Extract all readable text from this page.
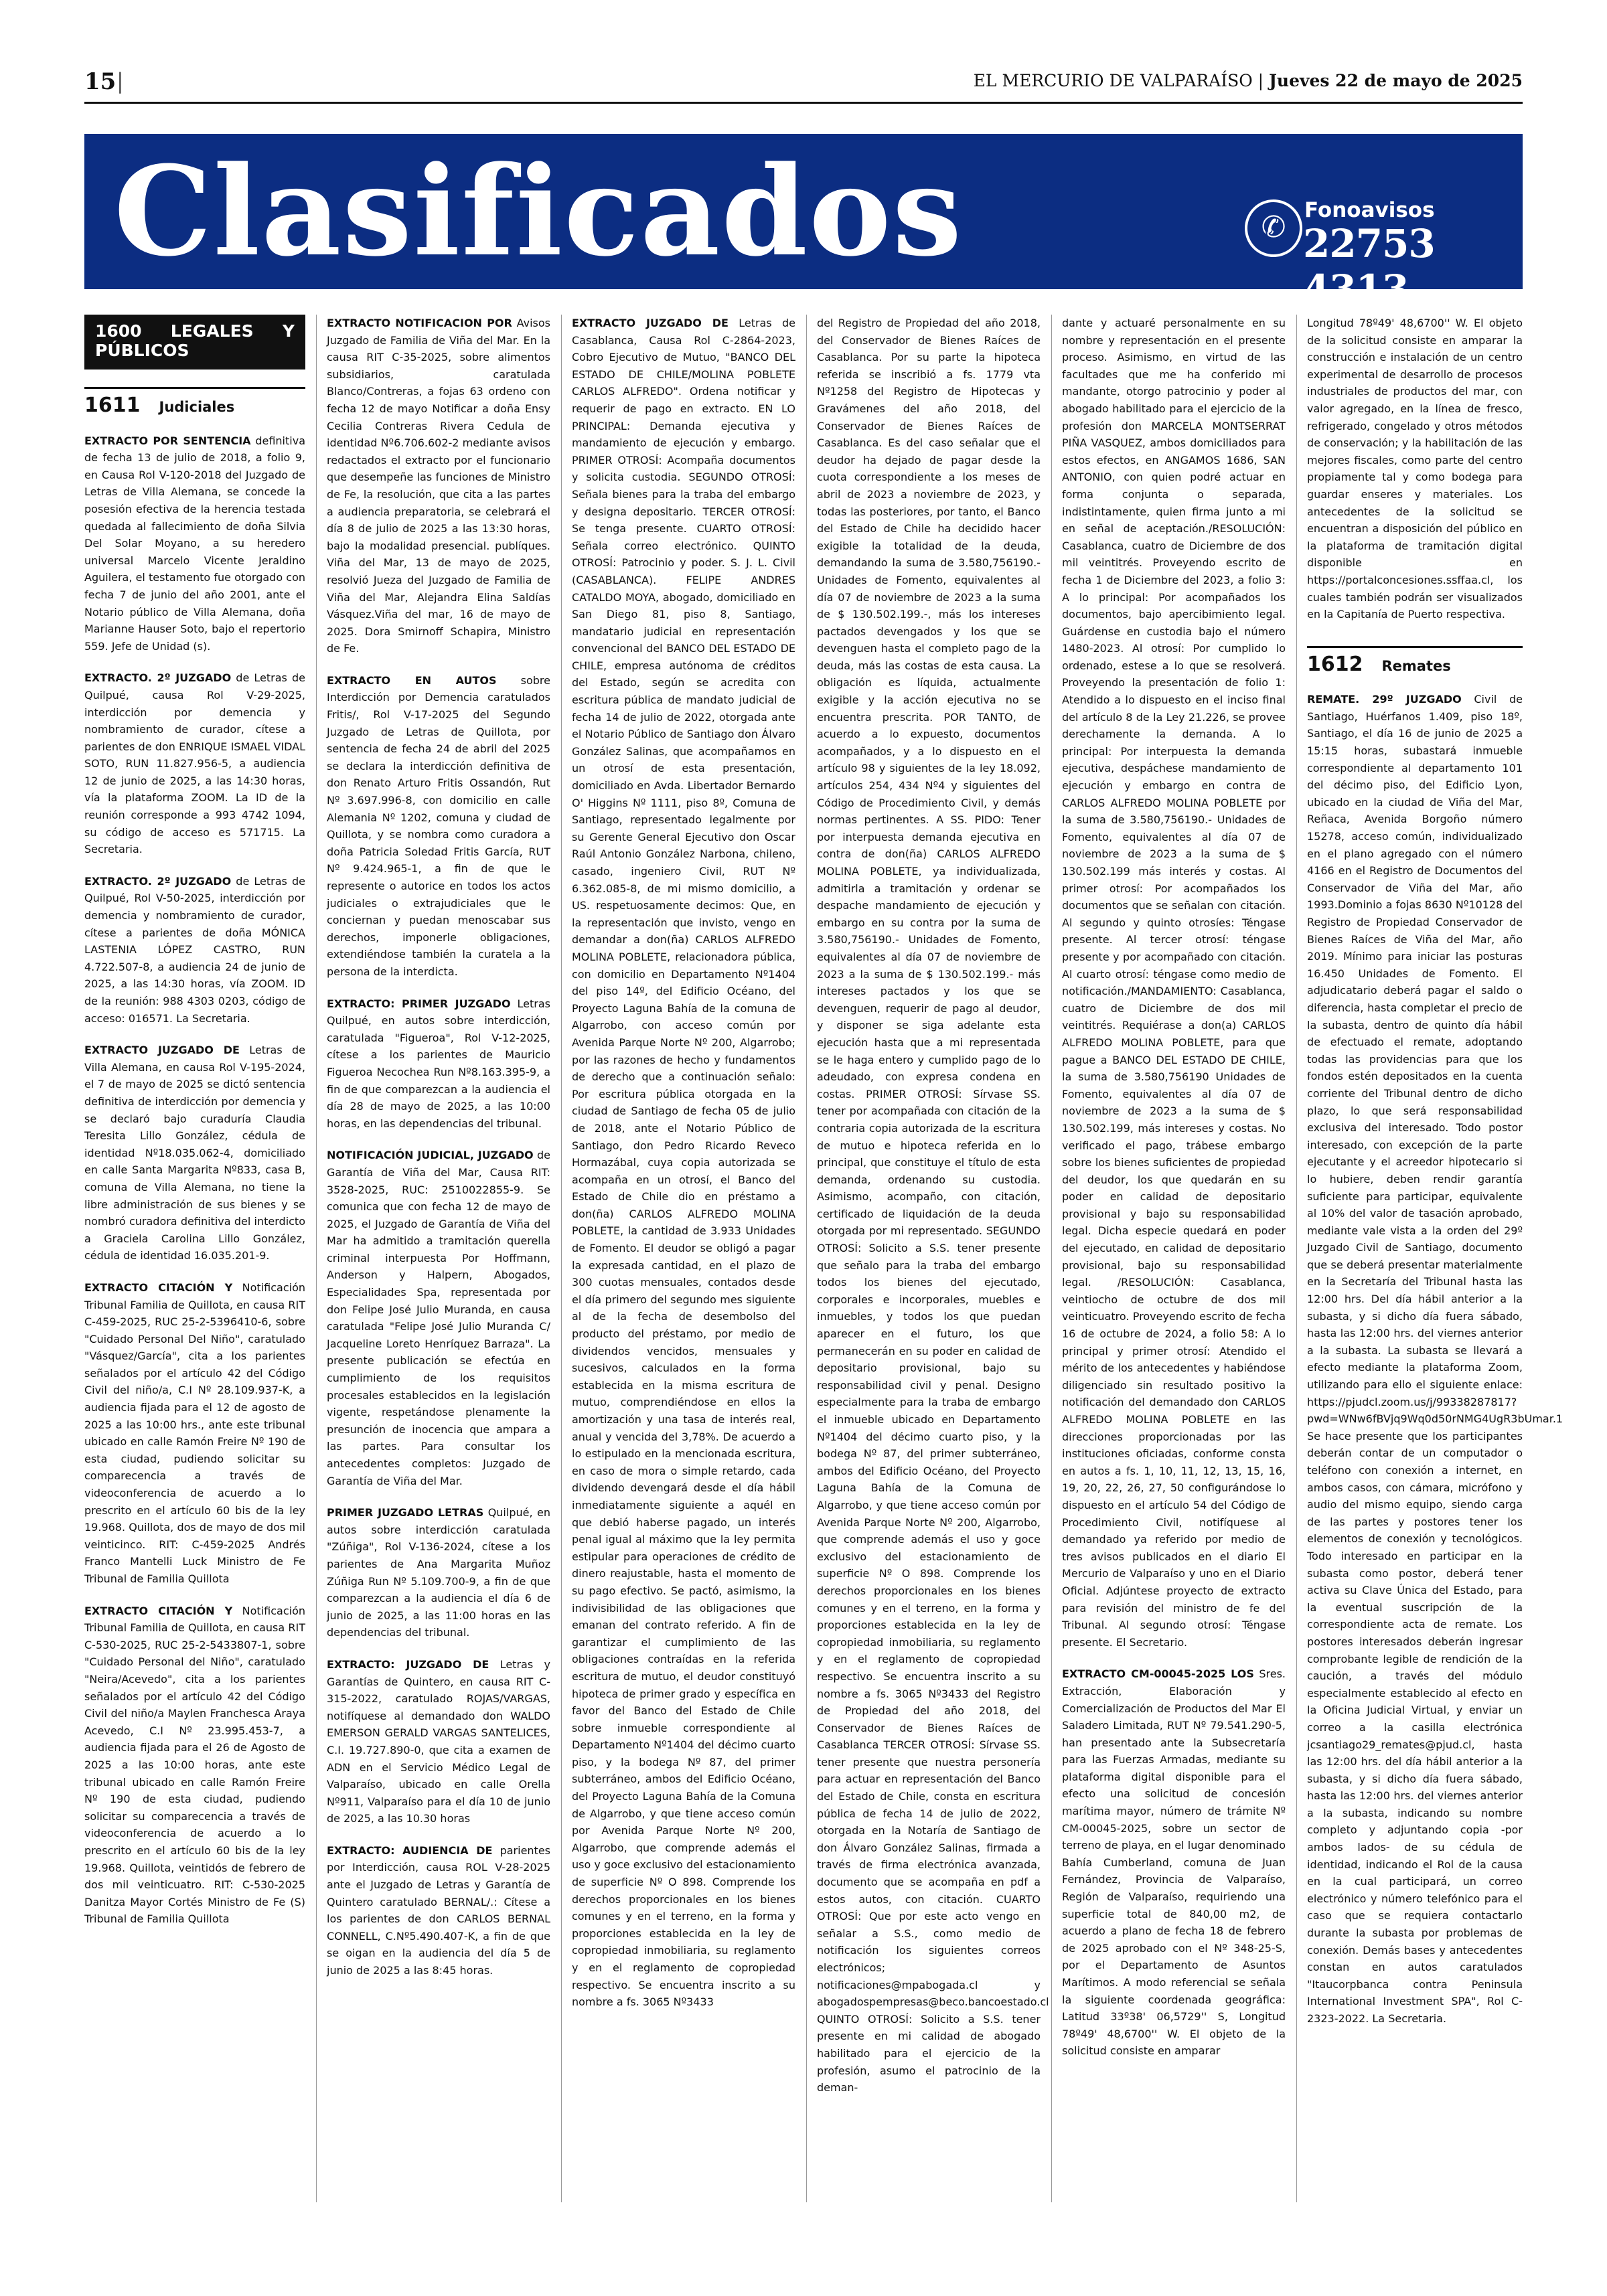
15 |	EL MERCURIO DE VALPARAÍSO | Jueves 22 de mayo de 2025
Clasificados	✆ Fonoavisos
22753 4313
1600 LEGALES Y PÚBLICOS
1611 Judiciales

EXTRACTO POR SENTENCIA definitiva de fecha 13 de julio de 2018, a folio 9, en Causa Rol V-120-2018 del Juzgado de Letras de Villa Alemana, se concede la posesión efectiva de la herencia testada quedada al fallecimiento de doña Silvia Del Solar Moyano, a su heredero universal Marcelo Vicente Jeraldino Aguilera, el testamento fue otorgado con fecha 7 de junio del año 2001, ante el Notario público de Villa Alemana, doña Marianne Hauser Soto, bajo el repertorio 559. Jefe de Unidad (s).

EXTRACTO. 2º JUZGADO de Letras de Quilpué, causa Rol V-29-2025, interdicción por demencia y nombramiento de curador, cítese a parientes de don ENRIQUE ISMAEL VIDAL SOTO, RUN 11.827.956-5, a audiencia 12 de junio de 2025, a las 14:30 horas, vía la plataforma ZOOM. La ID de la reunión corresponde a 993 4742 1094, su código de acceso es 571715. La Secretaria.

EXTRACTO. 2º JUZGADO de Letras de Quilpué, Rol V-50-2025, interdicción por demencia y nombramiento de curador, cítese a parientes de doña MÓNICA LASTENIA LÓPEZ CASTRO, RUN 4.722.507-8, a audiencia 24 de junio de 2025, a las 14:30 horas, vía ZOOM. ID de la reunión: 988 4303 0203, código de acceso: 016571. La Secretaria.

EXTRACTO JUZGADO DE Letras de Villa Alemana, en causa Rol V-195-2024, el 7 de mayo de 2025 se dictó sentencia definitiva de interdicción por demencia y se declaró bajo curaduría Claudia Teresita Lillo González, cédula de identidad Nº18.035.062-4, domiciliado en calle Santa Margarita Nº833, casa B, comuna de Villa Alemana, no tiene la libre administración de sus bienes y se nombró curadora definitiva del interdicto a Graciela Carolina Lillo González, cédula de identidad 16.035.201-9.

EXTRACTO CITACIÓN Y Notificación Tribunal Familia de Quillota, en causa RIT C-459-2025, RUC 25-2-5396410-6, sobre "Cuidado Personal Del Niño", caratulado "Vásquez/García", cita a los parientes señalados por el artículo 42 del Código Civil del niño/a, C.I Nº 28.109.937-K, a audiencia fijada para el 12 de agosto de 2025 a las 10:00 hrs., ante este tribunal ubicado en calle Ramón Freire Nº 190 de esta ciudad, pudiendo solicitar su comparecencia a través de videoconferencia de acuerdo a lo prescrito en el artículo 60 bis de la ley 19.968. Quillota, dos de mayo de dos mil veinticinco. RIT: C-459-2025 Andrés Franco Mantelli Luck Ministro de Fe Tribunal de Familia Quillota

EXTRACTO CITACIÓN Y Notificación Tribunal Familia de Quillota, en causa RIT C-530-2025, RUC 25-2-5433807-1, sobre "Cuidado Personal del Niño", caratulado "Neira/Acevedo", cita a los parientes señalados por el artículo 42 del Código Civil del niño/a Maylen Franchesca Araya Acevedo, C.I Nº 23.995.453-7, a audiencia fijada para el 26 de Agosto de 2025 a las 10:00 horas, ante este tribunal ubicado en calle Ramón Freire Nº 190 de esta ciudad, pudiendo solicitar su comparecencia a través de videoconferencia de acuerdo a lo prescrito en el artículo 60 bis de la ley 19.968. Quillota, veintidós de febrero de dos mil veinticuatro. RIT: C-530-2025 Danitza Mayor Cortés Ministro de Fe (S) Tribunal de Familia Quillota

EXTRACTO NOTIFICACION POR Avisos Juzgado de Familia de Viña del Mar. En la causa RIT C-35-2025, sobre alimentos subsidiarios, caratulada Blanco/Contreras, a fojas 63 ordeno con fecha 12 de mayo Notificar a doña Ensy Cecilia Contreras Rivera Cedula de identidad Nº6.706.602-2 mediante avisos redactados el extracto por el funcionario que desempeñe las funciones de Ministro de Fe, la resolución, que cita a las partes a audiencia preparatoria, se celebrará el día 8 de julio de 2025 a las 13:30 horas, bajo la modalidad presencial. publíques. Viña del Mar, 13 de mayo de 2025, resolvió Jueza del Juzgado de Familia de Viña del Mar, Alejandra Elina Saldías Vásquez.Viña del mar, 16 de mayo de 2025. Dora Smirnoff Schapira, Ministro de Fe.

EXTRACTO EN AUTOS sobre Interdicción por Demencia caratulados Fritis/, Rol V-17-2025 del Segundo Juzgado de Letras de Quillota, por sentencia de fecha 24 de abril del 2025 se declara la interdicción definitiva de don Renato Arturo Fritis Ossandón, Rut Nº 3.697.996-8, con domicilio en calle Alemania Nº 1202, comuna y ciudad de Quillota, y se nombra como curadora a doña Patricia Soledad Fritis García, RUT Nº 9.424.965-1, a fin de que le represente o autorice en todos los actos judiciales o extrajudiciales que le conciernan y puedan menoscabar sus derechos, imponerle obligaciones, extendiéndose también la curatela a la persona de la interdicta.

EXTRACTO: PRIMER JUZGADO Letras Quilpué, en autos sobre interdicción, caratulada "Figueroa", Rol V-12-2025, cítese a los parientes de Mauricio Figueroa Necochea Run Nº8.163.395-9, a fin de que comparezcan a la audiencia el día 28 de mayo de 2025, a las 10:00 horas, en las dependencias del tribunal.

NOTIFICACIÓN JUDICIAL, JUZGADO de Garantía de Viña del Mar, Causa RIT: 3528-2025, RUC: 2510022855-9. Se comunica que con fecha 12 de mayo de 2025, el Juzgado de Garantía de Viña del Mar ha admitido a tramitación querella criminal interpuesta Por Hoffmann, Anderson y Halpern, Abogados, Especialidades Spa, representada por don Felipe José Julio Muranda, en causa caratulada "Felipe José Julio Muranda C/ Jacqueline Loreto Henríquez Barraza". La presente publicación se efectúa en cumplimiento de los requisitos procesales establecidos en la legislación vigente, respetándose plenamente la presunción de inocencia que ampara a las partes. Para consultar los antecedentes completos: Juzgado de Garantía de Viña del Mar.

PRIMER JUZGADO LETRAS Quilpué, en autos sobre interdicción caratulada "Zúñiga", Rol V-136-2024, cítese a los parientes de Ana Margarita Muñoz Zúñiga Run Nº 5.109.700-9, a fin de que comparezcan a la audiencia el día 6 de junio de 2025, a las 11:00 horas en las dependencias del tribunal.

EXTRACTO: JUZGADO DE Letras y Garantías de Quintero, en causa RIT C-315-2022, caratulado ROJAS/VARGAS, notifíquese al demandado don WALDO EMERSON GERALD VARGAS SANTELICES, C.I. 19.727.890-0, que cita a examen de ADN en el Servicio Médico Legal de Valparaíso, ubicado en calle Orella Nº911, Valparaíso para el día 10 de junio de 2025, a las 10.30 horas

EXTRACTO: AUDIENCIA DE parientes por Interdicción, causa ROL V-28-2025 ante el Juzgado de Letras y Garantía de Quintero caratulado BERNAL/.: Cítese a los parientes de don CARLOS BERNAL CONNELL, C.Nº5.490.407-K, a fin de que se oigan en la audiencia del día 5 de junio de 2025 a las 8:45 horas.

EXTRACTO JUZGADO DE Letras de Casablanca, Causa Rol C-2864-2023, Cobro Ejecutivo de Mutuo, "BANCO DEL ESTADO DE CHILE/MOLINA POBLETE CARLOS ALFREDO". Ordena notificar y requerir de pago en extracto. EN LO PRINCIPAL: Demanda ejecutiva y mandamiento de ejecución y embargo. PRIMER OTROSÍ: Acompaña documentos y solicita custodia. SEGUNDO OTROSÍ: Señala bienes para la traba del embargo y designa depositario. TERCER OTROSÍ: Se tenga presente. CUARTO OTROSÍ: Señala correo electrónico. QUINTO OTROSÍ: Patrocinio y poder. S. J. L. Civil (CASABLANCA). FELIPE ANDRES CATALDO MOYA, abogado, domiciliado en San Diego 81, piso 8, Santiago, mandatario judicial en representación convencional del BANCO DEL ESTADO DE CHILE, empresa autónoma de créditos del Estado, según se acredita con escritura pública de mandato judicial de fecha 14 de julio de 2022, otorgada ante el Notario Público de Santiago don Álvaro González Salinas, que acompañamos en un otrosí de esta presentación, domiciliado en Avda. Libertador Bernardo O' Higgins Nº 1111, piso 8º, Comuna de Santiago, representado legalmente por su Gerente General Ejecutivo don Oscar Raúl Antonio González Narbona, chileno, casado, ingeniero Civil, RUT Nº 6.362.085-8, de mi mismo domicilio, a US. respetuosamente decimos: Que, en la representación que invisto, vengo en demandar a don(ña) CARLOS ALFREDO MOLINA POBLETE, relacionadora pública, con domicilio en Departamento Nº1404 del piso 14º, del Edificio Océano, del Proyecto Laguna Bahía de la comuna de Algarrobo, con acceso común por Avenida Parque Norte Nº 200, Algarrobo; por las razones de hecho y fundamentos de derecho que a continuación señalo: Por escritura pública otorgada en la ciudad de Santiago de fecha 05 de julio de 2018, ante el Notario Público de Santiago, don Pedro Ricardo Reveco Hormazábal, cuya copia autorizada se acompaña en un otrosí, el Banco del Estado de Chile dio en préstamo a don(ña) CARLOS ALFREDO MOLINA POBLETE, la cantidad de 3.933 Unidades de Fomento. El deudor se obligó a pagar la expresada cantidad, en el plazo de 300 cuotas mensuales, contados desde el día primero del segundo mes siguiente al de la fecha de desembolso del producto del préstamo, por medio de dividendos vencidos, mensuales y sucesivos, calculados en la forma establecida en la misma escritura de mutuo, comprendiéndose en ellos la amortización y una tasa de interés real, anual y vencida del 3,78%. De acuerdo a lo estipulado en la mencionada escritura, en caso de mora o simple retardo, cada dividendo devengará desde el día hábil inmediatamente siguiente a aquél en que debió haberse pagado, un interés penal igual al máximo que la ley permita estipular para operaciones de crédito de dinero reajustable, hasta el momento de su pago efectivo. Se pactó, asimismo, la indivisibilidad de las obligaciones que emanan del contrato referido. A fin de garantizar el cumplimiento de las obligaciones contraídas en la referida escritura de mutuo, el deudor constituyó hipoteca de primer grado y específica en favor del Banco del Estado de Chile sobre inmueble correspondiente al Departamento Nº1404 del décimo cuarto piso, y la bodega Nº 87, del primer subterráneo, ambos del Edificio Océano, del Proyecto Laguna Bahía de la Comuna de Algarrobo, y que tiene acceso común por Avenida Parque Norte Nº 200, Algarrobo, que comprende además el uso y goce exclusivo del estacionamiento de superficie Nº O 898. Comprende los derechos proporcionales en los bienes comunes y en el terreno, en la forma y proporciones establecida en la ley de copropiedad inmobiliaria, su reglamento y en el reglamento de copropiedad respectivo. Se encuentra inscrito a su nombre a fs. 3065 Nº3433

del Registro de Propiedad del año 2018, del Conservador de Bienes Raíces de Casablanca. Por su parte la hipoteca referida se inscribió a fs. 1779 vta Nº1258 del Registro de Hipotecas y Gravámenes del año 2018, del Conservador de Bienes Raíces de Casablanca. Es del caso señalar que el deudor ha dejado de pagar desde la cuota correspondiente a los meses de abril de 2023 a noviembre de 2023, y todas las posteriores, por tanto, el Banco del Estado de Chile ha decidido hacer exigible la totalidad de la deuda, demandando la suma de 3.580,756190.- Unidades de Fomento, equivalentes al día 07 de noviembre de 2023 a la suma de $ 130.502.199.-, más los intereses pactados devengados y los que se devenguen hasta el completo pago de la deuda, más las costas de esta causa. La obligación es líquida, actualmente exigible y la acción ejecutiva no se encuentra prescrita. POR TANTO, de acuerdo a lo expuesto, documentos acompañados, y a lo dispuesto en el artículo 98 y siguientes de la ley 18.092, artículos 254, 434 Nº4 y siguientes del Código de Procedimiento Civil, y demás normas pertinentes. A SS. PIDO: Tener por interpuesta demanda ejecutiva en contra de don(ña) CARLOS ALFREDO MOLINA POBLETE, ya individualizada, admitirla a tramitación y ordenar se despache mandamiento de ejecución y embargo en su contra por la suma de 3.580,756190.- Unidades de Fomento, equivalentes al día 07 de noviembre de 2023 a la suma de $ 130.502.199.- más intereses pactados y los que se devenguen, requerir de pago al deudor, y disponer se siga adelante esta ejecución hasta que a mi representada se le haga entero y cumplido pago de lo adeudado, con expresa condena en costas. PRIMER OTROSÍ: Sírvase SS. tener por acompañada con citación de la contraria copia autorizada de la escritura de mutuo e hipoteca referida en lo principal, que constituye el título de esta demanda, ordenando su custodia. Asimismo, acompaño, con citación, certificado de liquidación de la deuda otorgada por mi representado. SEGUNDO OTROSÍ: Solicito a S.S. tener presente que señalo para la traba del embargo todos los bienes del ejecutado, corporales e incorporales, muebles e inmuebles, y todos los que puedan aparecer en el futuro, los que permanecerán en su poder en calidad de depositario provisional, bajo su responsabilidad civil y penal. Designo especialmente para la traba de embargo el inmueble ubicado en Departamento Nº1404 del décimo cuarto piso, y la bodega Nº 87, del primer subterráneo, ambos del Edificio Océano, del Proyecto Laguna Bahía de la Comuna de Algarrobo, y que tiene acceso común por Avenida Parque Norte Nº 200, Algarrobo, que comprende además el uso y goce exclusivo del estacionamiento de superficie Nº O 898. Comprende los derechos proporcionales en los bienes comunes y en el terreno, en la forma y proporciones establecida en la ley de copropiedad inmobiliaria, su reglamento y en el reglamento de copropiedad respectivo. Se encuentra inscrito a su nombre a fs. 3065 Nº3433 del Registro de Propiedad del año 2018, del Conservador de Bienes Raíces de Casablanca TERCER OTROSÍ: Sírvase SS. tener presente que nuestra personería para actuar en representación del Banco del Estado de Chile, consta en escritura pública de fecha 14 de julio de 2022, otorgada en la Notaría de Santiago de don Álvaro González Salinas, firmada a través de firma electrónica avanzada, documento que se acompaña en pdf a estos autos, con citación. CUARTO OTROSÍ: Que por este acto vengo en señalar a S.S., como medio de notificación los siguientes correos electrónicos; notificaciones@mpabogada.cl y abogadospempresas@beco.bancoestado.cl QUINTO OTROSÍ: Solicito a S.S. tener presente en mi calidad de abogado habilitado para el ejercicio de la profesión, asumo el patrocinio de la deman-

dante y actuaré personalmente en su nombre y representación en el presente proceso. Asimismo, en virtud de las facultades que me ha conferido mi mandante, otorgo patrocinio y poder al abogado habilitado para el ejercicio de la profesión don MARCELA MONTSERRAT PIÑA VASQUEZ, ambos domiciliados para estos efectos, en ANGAMOS 1686, SAN ANTONIO, con quien podré actuar en forma conjunta o separada, indistintamente, quien firma junto a mi en señal de aceptación./RESOLUCIÓN: Casablanca, cuatro de Diciembre de dos mil veintitrés. Proveyendo escrito de fecha 1 de Diciembre del 2023, a folio 3: A lo principal: Por acompañados los documentos, bajo apercibimiento legal. Guárdense en custodia bajo el número 1480-2023. Al otrosí: Por cumplido lo ordenado, estese a lo que se resolverá. Proveyendo la presentación de folio 1: Atendido a lo dispuesto en el inciso final del artículo 8 de la Ley 21.226, se provee derechamente la demanda. A lo principal: Por interpuesta la demanda ejecutiva, despáchese mandamiento de ejecución y embargo en contra de CARLOS ALFREDO MOLINA POBLETE por la suma de 3.580,756190.- Unidades de Fomento, equivalentes al día 07 de noviembre de 2023 a la suma de $ 130.502.199 más interés y costas. Al primer otrosí: Por acompañados los documentos que se señalan con citación. Al segundo y quinto otrosíes: Téngase presente. Al tercer otrosí: téngase presente y por acompañado con citación. Al cuarto otrosí: téngase como medio de notificación./MANDAMIENTO: Casablanca, cuatro de Diciembre de dos mil veintitrés. Requiérase a don(a) CARLOS ALFREDO MOLINA POBLETE, para que pague a BANCO DEL ESTADO DE CHILE, la suma de 3.580,756190 Unidades de Fomento, equivalentes al día 07 de noviembre de 2023 a la suma de $ 130.502.199, más intereses y costas. No verificado el pago, trábese embargo sobre los bienes suficientes de propiedad del deudor, los que quedarán en su poder en calidad de depositario provisional y bajo su responsabilidad legal. Dicha especie quedará en poder del ejecutado, en calidad de depositario provisional, bajo su responsabilidad legal. /RESOLUCIÓN: Casablanca, veintiocho de octubre de dos mil veinticuatro. Proveyendo escrito de fecha 16 de octubre de 2024, a folio 58: A lo principal y primer otrosí: Atendido el mérito de los antecedentes y habiéndose diligenciado sin resultado positivo la notificación del demandado don CARLOS ALFREDO MOLINA POBLETE en las direcciones proporcionadas por las instituciones oficiadas, conforme consta en autos a fs. 1, 10, 11, 12, 13, 15, 16, 19, 20, 22, 26, 27, 50 configurándose lo dispuesto en el artículo 54 del Código de Procedimiento Civil, notifíquese al demandado ya referido por medio de tres avisos publicados en el diario El Mercurio de Valparaíso y uno en el Diario Oficial. Adjúntese proyecto de extracto para revisión del ministro de fe del Tribunal. Al segundo otrosí: Téngase presente. El Secretario.

EXTRACTO CM-00045-2025 LOS Sres. Extracción, Elaboración y Comercialización de Productos del Mar El Saladero Limitada, RUT Nº 79.541.290-5, han presentado ante la Subsecretaría para las Fuerzas Armadas, mediante su plataforma digital disponible para el efecto una solicitud de concesión marítima mayor, número de trámite Nº CM-00045-2025, sobre un sector de terreno de playa, en el lugar denominado Bahía Cumberland, comuna de Juan Fernández, Provincia de Valparaíso, Región de Valparaíso, requiriendo una superficie total de 840,00 m2, de acuerdo a plano de fecha 18 de febrero de 2025 aprobado con el Nº 348-25-S, por el Departamento de Asuntos Marítimos. A modo referencial se señala la siguiente coordenada geográfica: Latitud 33º38' 06,5729'' S, Longitud 78º49' 48,6700'' W. El objeto de la solicitud consiste en amparar

Longitud 78º49' 48,6700'' W. El objeto de la solicitud consiste en amparar la construcción e instalación de un centro experimental de desarrollo de procesos industriales de productos del mar, con valor agregado, en la línea de fresco, refrigerado, congelado y otros métodos de conservación; y la habilitación de las mejores fiscales, como parte del centro propiamente tal y como bodega para guardar enseres y materiales. Los antecedentes de la solicitud se encuentran a disposición del público en la plataforma de tramitación digital disponible en https://portalconcesiones.ssffaa.cl, los cuales también podrán ser visualizados en la Capitanía de Puerto respectiva.

1612 Remates

REMATE. 29º JUZGADO Civil de Santiago, Huérfanos 1.409, piso 18º, Santiago, el día 16 de junio de 2025 a 15:15 horas, subastará inmueble correspondiente al departamento 101 del décimo piso, del Edificio Lyon, ubicado en la ciudad de Viña del Mar, Reñaca, Avenida Borgoño número 15278, acceso común, individualizado en el plano agregado con el número 4166 en el Registro de Documentos del Conservador de Viña del Mar, año 1993.Dominio a fojas 8630 Nº10128 del Registro de Propiedad Conservador de Bienes Raíces de Viña del Mar, año 2019. Mínimo para iniciar las posturas 16.450 Unidades de Fomento. El adjudicatario deberá pagar el saldo o diferencia, hasta completar el precio de la subasta, dentro de quinto día hábil de efectuado el remate, adoptando todas las providencias para que los fondos estén depositados en la cuenta corriente del Tribunal dentro de dicho plazo, lo que será responsabilidad exclusiva del interesado. Todo postor interesado, con excepción de la parte ejecutante y el acreedor hipotecario si lo hubiere, deben rendir garantía suficiente para participar, equivalente al 10% del valor de tasación aprobado, mediante vale vista a la orden del 29º Juzgado Civil de Santiago, documento que se deberá presentar materialmente en la Secretaría del Tribunal hasta las 12:00 hrs. Del día hábil anterior a la subasta, y si dicho día fuera sábado, hasta las 12:00 hrs. del viernes anterior a la subasta. La subasta se llevará a efecto mediante la plataforma Zoom, utilizando para ello el siguiente enlace: https://pjudcl.zoom.us/j/99338287817?pwd=WNw6fBVjq9Wq0d50rNMG4UgR3bUmar.1 Se hace presente que los participantes deberán contar de un computador o teléfono con conexión a internet, en ambos casos, con cámara, micrófono y audio del mismo equipo, siendo carga de las partes y postores tener los elementos de conexión y tecnológicos. Todo interesado en participar en la subasta como postor, deberá tener activa su Clave Única del Estado, para la eventual suscripción de la correspondiente acta de remate. Los postores interesados deberán ingresar comprobante legible de rendición de la caución, a través del módulo especialmente establecido al efecto en la Oficina Judicial Virtual, y enviar un correo a la casilla electrónica jcsantiago29_remates@pjud.cl, hasta las 12:00 hrs. del día hábil anterior a la subasta, y si dicho día fuera sábado, hasta las 12:00 hrs. del viernes anterior a la subasta, indicando su nombre completo y adjuntando copia -por ambos lados- de su cédula de identidad, indicando el Rol de la causa en la cual participará, un correo electrónico y número telefónico para el caso que se requiera contactarlo durante la subasta por problemas de conexión. Demás bases y antecedentes constan en autos caratulados "Itaucorpbanca contra Peninsula International Investment SPA", Rol C-2323-2022. La Secretaria.
